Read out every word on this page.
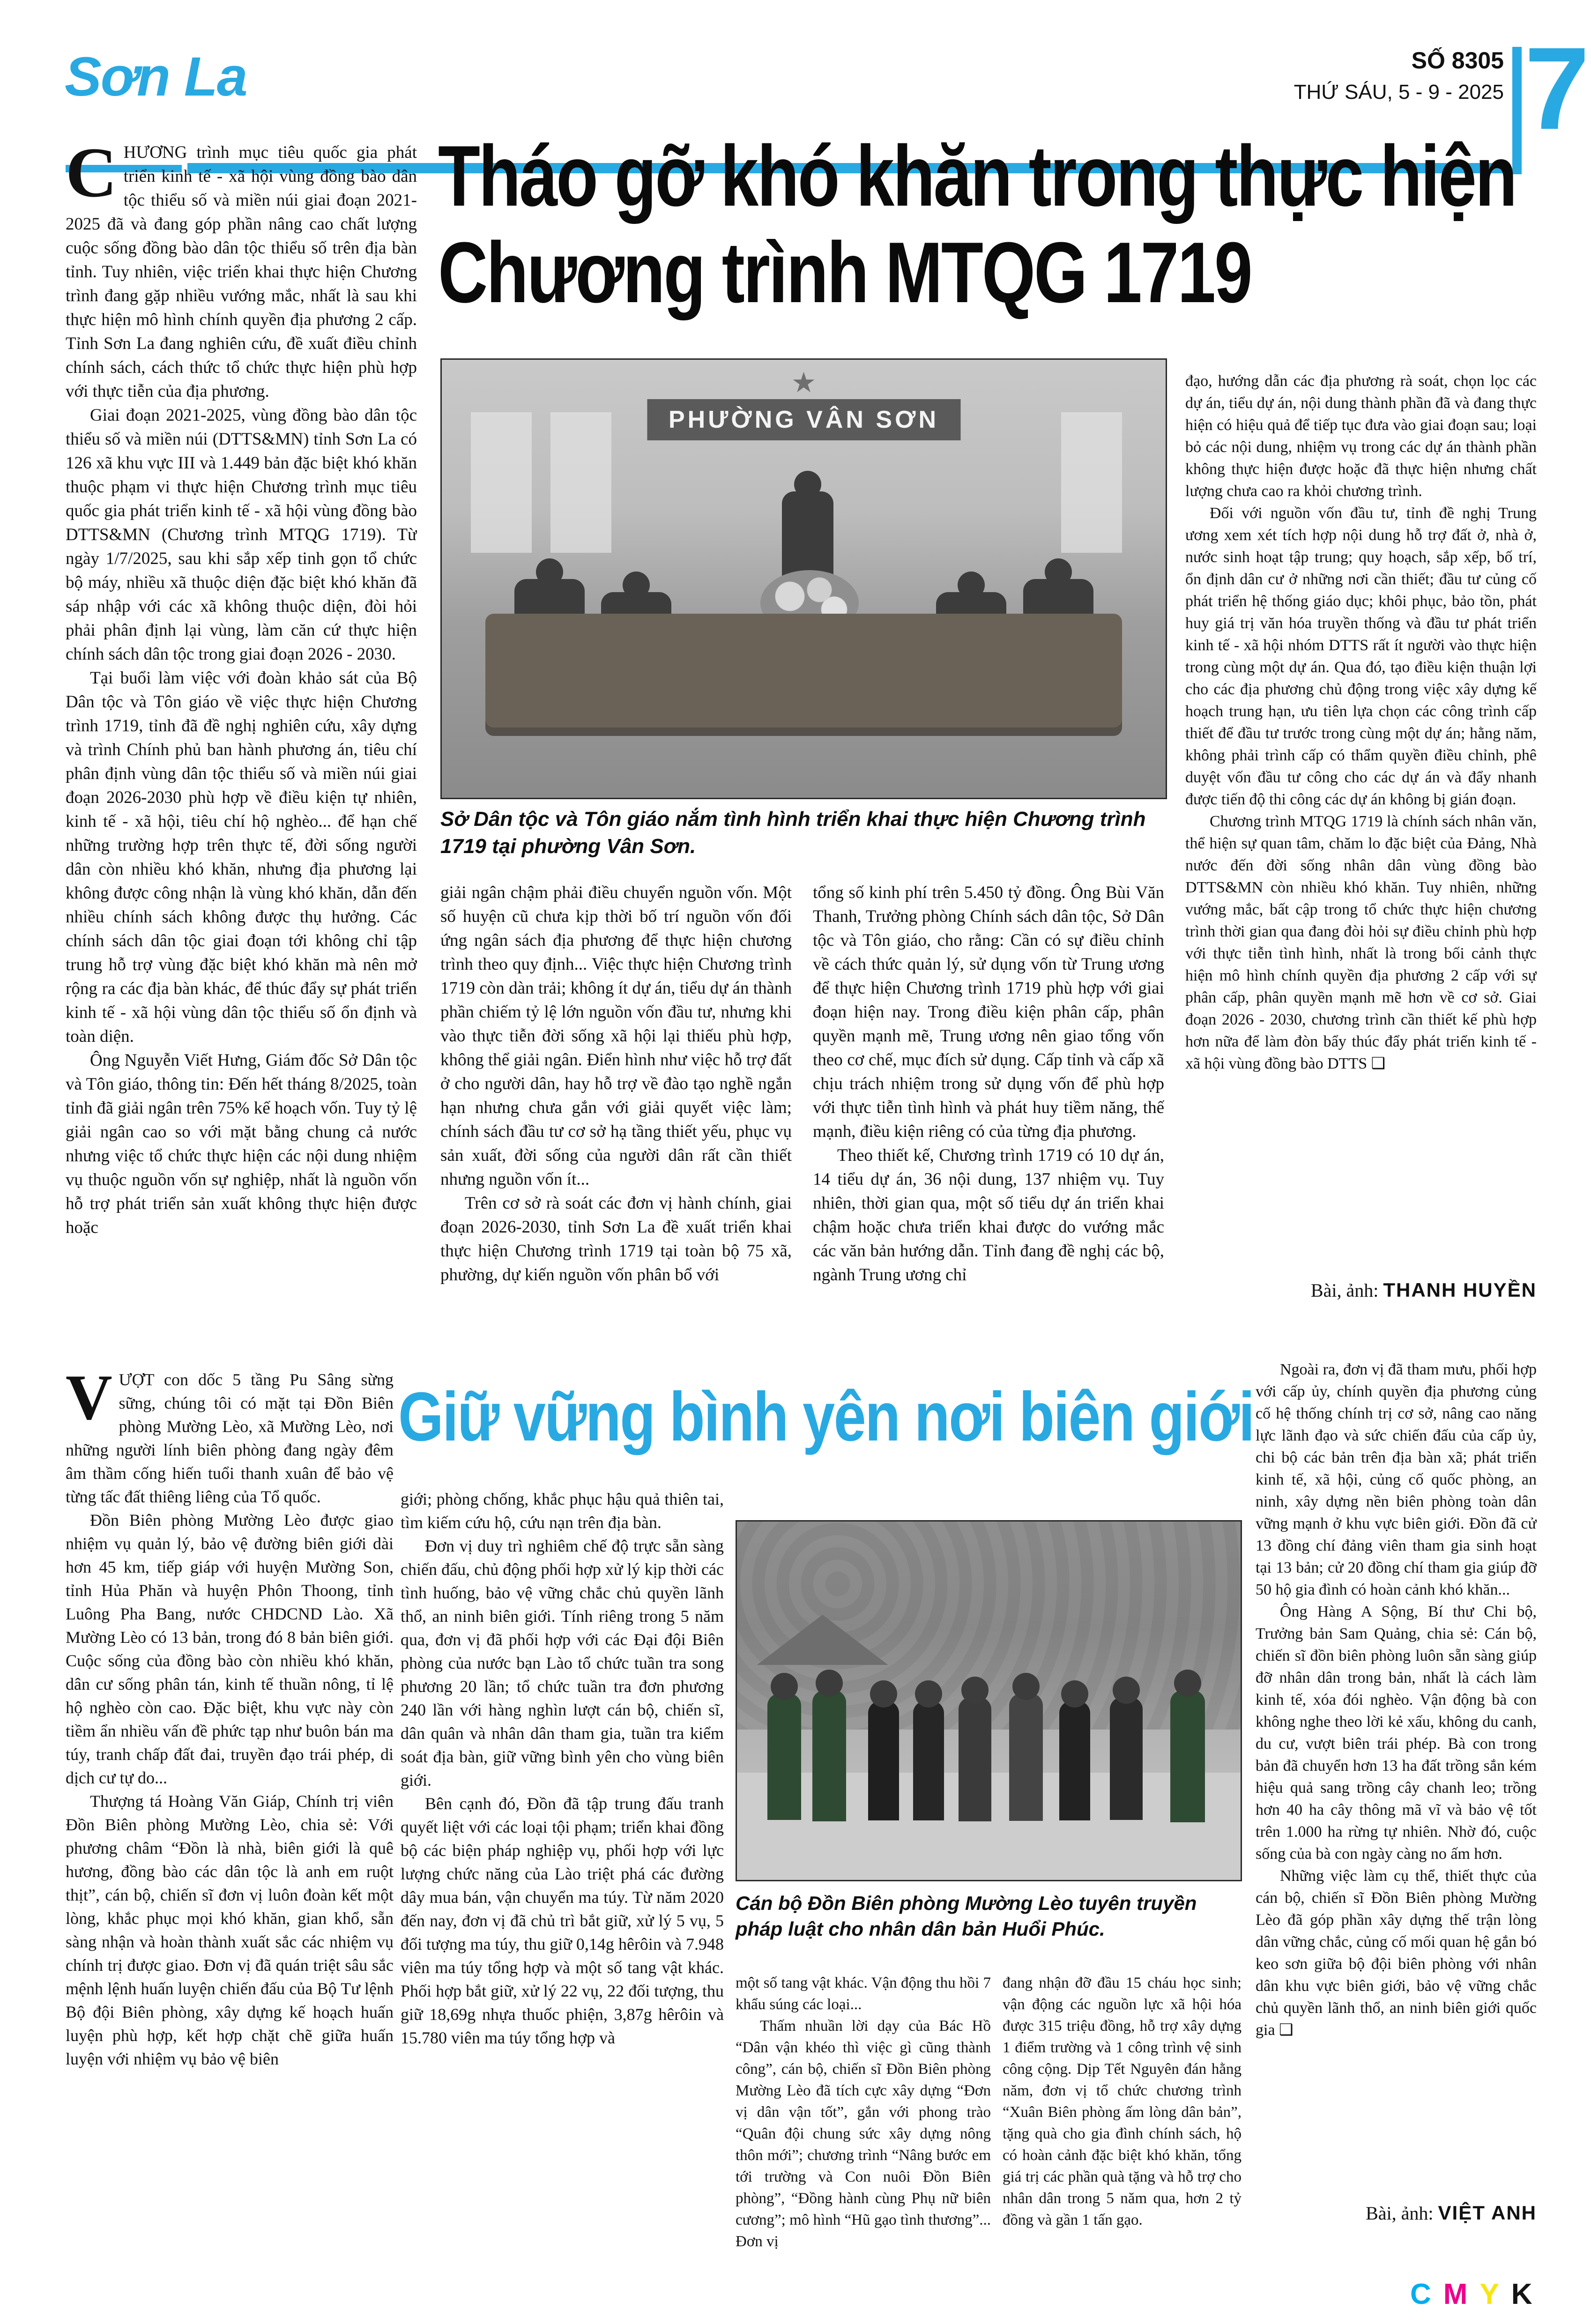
Sơn La	SỐ 8305
THỨ SÁU, 5 - 9 - 2025 7
Tháo gỡ khó khăn trong thực hiện
Chương trình MTQG 1719

CHƯƠNG trình mục tiêu quốc gia phát triển kinh tế - xã hội vùng đồng bào dân tộc thiểu số và miền núi giai đoạn 2021-2025 đã và đang góp phần nâng cao chất lượng cuộc sống đồng bào dân tộc thiểu số trên địa bàn tỉnh. Tuy nhiên, việc triển khai thực hiện Chương trình đang gặp nhiều vướng mắc, nhất là sau khi thực hiện mô hình chính quyền địa phương 2 cấp. Tỉnh Sơn La đang nghiên cứu, đề xuất điều chỉnh chính sách, cách thức tổ chức thực hiện phù hợp với thực tiễn của địa phương.

Giai đoạn 2021-2025, vùng đồng bào dân tộc thiểu số và miền núi (DTTS&MN) tỉnh Sơn La có 126 xã khu vực III và 1.449 bản đặc biệt khó khăn thuộc phạm vi thực hiện Chương trình mục tiêu quốc gia phát triển kinh tế - xã hội vùng đồng bào DTTS&MN (Chương trình MTQG 1719). Từ ngày 1/7/2025, sau khi sắp xếp tinh gọn tổ chức bộ máy, nhiều xã thuộc diện đặc biệt khó khăn đã sáp nhập với các xã không thuộc diện, đòi hỏi phải phân định lại vùng, làm căn cứ thực hiện chính sách dân tộc trong giai đoạn 2026 - 2030.

Tại buổi làm việc với đoàn khảo sát của Bộ Dân tộc và Tôn giáo về việc thực hiện Chương trình 1719, tỉnh đã đề nghị nghiên cứu, xây dựng và trình Chính phủ ban hành phương án, tiêu chí phân định vùng dân tộc thiểu số và miền núi giai đoạn 2026-2030 phù hợp về điều kiện tự nhiên, kinh tế - xã hội, tiêu chí hộ nghèo... để hạn chế những trường hợp trên thực tế, đời sống người dân còn nhiều khó khăn, nhưng địa phương lại không được công nhận là vùng khó khăn, dẫn đến nhiều chính sách không được thụ hưởng. Các chính sách dân tộc giai đoạn tới không chỉ tập trung hỗ trợ vùng đặc biệt khó khăn mà nên mở rộng ra các địa bàn khác, để thúc đẩy sự phát triển kinh tế - xã hội vùng dân tộc thiểu số ổn định và toàn diện.

Ông Nguyễn Viết Hưng, Giám đốc Sở Dân tộc và Tôn giáo, thông tin: Đến hết tháng 8/2025, toàn tỉnh đã giải ngân trên 75% kế hoạch vốn. Tuy tỷ lệ giải ngân cao so với mặt bằng chung cả nước nhưng việc tổ chức thực hiện các nội dung nhiệm vụ thuộc nguồn vốn sự nghiệp, nhất là nguồn vốn hỗ trợ phát triển sản xuất không thực hiện được hoặc

★
PHƯỜNG VÂN SƠN
Sở Dân tộc và Tôn giáo nắm tình hình triển khai thực hiện Chương trình 1719 tại phường Vân Sơn.

giải ngân chậm phải điều chuyển nguồn vốn. Một số huyện cũ chưa kịp thời bố trí nguồn vốn đối ứng ngân sách địa phương để thực hiện chương trình theo quy định... Việc thực hiện Chương trình 1719 còn dàn trải; không ít dự án, tiểu dự án thành phần chiếm tỷ lệ lớn nguồn vốn đầu tư, nhưng khi vào thực tiễn đời sống xã hội lại thiếu phù hợp, không thể giải ngân. Điển hình như việc hỗ trợ đất ở cho người dân, hay hỗ trợ về đào tạo nghề ngắn hạn nhưng chưa gắn với giải quyết việc làm; chính sách đầu tư cơ sở hạ tầng thiết yếu, phục vụ sản xuất, đời sống của người dân rất cần thiết nhưng nguồn vốn ít...

Trên cơ sở rà soát các đơn vị hành chính, giai đoạn 2026-2030, tỉnh Sơn La đề xuất triển khai thực hiện Chương trình 1719 tại toàn bộ 75 xã, phường, dự kiến nguồn vốn phân bổ với

tổng số kinh phí trên 5.450 tỷ đồng. Ông Bùi Văn Thanh, Trưởng phòng Chính sách dân tộc, Sở Dân tộc và Tôn giáo, cho rằng: Cần có sự điều chỉnh về cách thức quản lý, sử dụng vốn từ Trung ương để thực hiện Chương trình 1719 phù hợp với giai đoạn hiện nay. Trong điều kiện phân cấp, phân quyền mạnh mẽ, Trung ương nên giao tổng vốn theo cơ chế, mục đích sử dụng. Cấp tỉnh và cấp xã chịu trách nhiệm trong sử dụng vốn để phù hợp với thực tiễn tình hình và phát huy tiềm năng, thế mạnh, điều kiện riêng có của từng địa phương.

Theo thiết kế, Chương trình 1719 có 10 dự án, 14 tiểu dự án, 36 nội dung, 137 nhiệm vụ. Tuy nhiên, thời gian qua, một số tiểu dự án triển khai chậm hoặc chưa triển khai được do vướng mắc các văn bản hướng dẫn. Tỉnh đang đề nghị các bộ, ngành Trung ương chỉ

đạo, hướng dẫn các địa phương rà soát, chọn lọc các dự án, tiểu dự án, nội dung thành phần đã và đang thực hiện có hiệu quả để tiếp tục đưa vào giai đoạn sau; loại bỏ các nội dung, nhiệm vụ trong các dự án thành phần không thực hiện được hoặc đã thực hiện nhưng chất lượng chưa cao ra khỏi chương trình.

Đối với nguồn vốn đầu tư, tỉnh đề nghị Trung ương xem xét tích hợp nội dung hỗ trợ đất ở, nhà ở, nước sinh hoạt tập trung; quy hoạch, sắp xếp, bố trí, ổn định dân cư ở những nơi cần thiết; đầu tư củng cố phát triển hệ thống giáo dục; khôi phục, bảo tồn, phát huy giá trị văn hóa truyền thống và đầu tư phát triển kinh tế - xã hội nhóm DTTS rất ít người vào thực hiện trong cùng một dự án. Qua đó, tạo điều kiện thuận lợi cho các địa phương chủ động trong việc xây dựng kế hoạch trung hạn, ưu tiên lựa chọn các công trình cấp thiết để đầu tư trước trong cùng một dự án; hằng năm, không phải trình cấp có thẩm quyền điều chỉnh, phê duyệt vốn đầu tư công cho các dự án và đẩy nhanh được tiến độ thi công các dự án không bị gián đoạn.

Chương trình MTQG 1719 là chính sách nhân văn, thể hiện sự quan tâm, chăm lo đặc biệt của Đảng, Nhà nước đến đời sống nhân dân vùng đồng bào DTTS&MN còn nhiều khó khăn. Tuy nhiên, những vướng mắc, bất cập trong tổ chức thực hiện chương trình thời gian qua đang đòi hỏi sự điều chỉnh phù hợp với thực tiễn tình hình, nhất là trong bối cảnh thực hiện mô hình chính quyền địa phương 2 cấp với sự phân cấp, phân quyền mạnh mẽ hơn về cơ sở. Giai đoạn 2026 - 2030, chương trình cần thiết kế phù hợp hơn nữa để làm đòn bẩy thúc đẩy phát triển kinh tế - xã hội vùng đồng bào DTTS ❑

Bài, ảnh: THANH HUYỀN
Giữ vững bình yên nơi biên giới

VƯỢT con dốc 5 tầng Pu Sâng sừng sững, chúng tôi có mặt tại Đồn Biên phòng Mường Lèo, xã Mường Lèo, nơi những người lính biên phòng đang ngày đêm âm thầm cống hiến tuổi thanh xuân để bảo vệ từng tấc đất thiêng liêng của Tổ quốc.

Đồn Biên phòng Mường Lèo được giao nhiệm vụ quản lý, bảo vệ đường biên giới dài hơn 45 km, tiếp giáp với huyện Mường Son, tỉnh Hủa Phăn và huyện Phôn Thoong, tỉnh Luông Pha Bang, nước CHDCND Lào. Xã Mường Lèo có 13 bản, trong đó 8 bản biên giới. Cuộc sống của đồng bào còn nhiều khó khăn, dân cư sống phân tán, kinh tế thuần nông, tỉ lệ hộ nghèo còn cao. Đặc biệt, khu vực này còn tiềm ẩn nhiều vấn đề phức tạp như buôn bán ma túy, tranh chấp đất đai, truyền đạo trái phép, di dịch cư tự do...

Thượng tá Hoàng Văn Giáp, Chính trị viên Đồn Biên phòng Mường Lèo, chia sẻ: Với phương châm “Đồn là nhà, biên giới là quê hương, đồng bào các dân tộc là anh em ruột thịt”, cán bộ, chiến sĩ đơn vị luôn đoàn kết một lòng, khắc phục mọi khó khăn, gian khổ, sẵn sàng nhận và hoàn thành xuất sắc các nhiệm vụ chính trị được giao. Đơn vị đã quán triệt sâu sắc mệnh lệnh huấn luyện chiến đấu của Bộ Tư lệnh Bộ đội Biên phòng, xây dựng kế hoạch huấn luyện phù hợp, kết hợp chặt chẽ giữa huấn luyện với nhiệm vụ bảo vệ biên

giới; phòng chống, khắc phục hậu quả thiên tai, tìm kiếm cứu hộ, cứu nạn trên địa bàn.

Đơn vị duy trì nghiêm chế độ trực sẵn sàng chiến đấu, chủ động phối hợp xử lý kịp thời các tình huống, bảo vệ vững chắc chủ quyền lãnh thổ, an ninh biên giới. Tính riêng trong 5 năm qua, đơn vị đã phối hợp với các Đại đội Biên phòng của nước bạn Lào tổ chức tuần tra song phương 20 lần; tổ chức tuần tra đơn phương 240 lần với hàng nghìn lượt cán bộ, chiến sĩ, dân quân và nhân dân tham gia, tuần tra kiểm soát địa bàn, giữ vững bình yên cho vùng biên giới.

Bên cạnh đó, Đồn đã tập trung đấu tranh quyết liệt với các loại tội phạm; triển khai đồng bộ các biện pháp nghiệp vụ, phối hợp với lực lượng chức năng của Lào triệt phá các đường dây mua bán, vận chuyển ma túy. Từ năm 2020 đến nay, đơn vị đã chủ trì bắt giữ, xử lý 5 vụ, 5 đối tượng ma túy, thu giữ 0,14g hêrôin và 7.948 viên ma túy tổng hợp và một số tang vật khác. Phối hợp bắt giữ, xử lý 22 vụ, 22 đối tượng, thu giữ 18,69g nhựa thuốc phiện, 3,87g hêrôin và 15.780 viên ma túy tổng hợp và

Cán bộ Đồn Biên phòng Mường Lèo tuyên truyền pháp luật cho nhân dân bản Huổi Phúc.

một số tang vật khác. Vận động thu hồi 7 khẩu súng các loại...

Thấm nhuần lời dạy của Bác Hồ “Dân vận khéo thì việc gì cũng thành công”, cán bộ, chiến sĩ Đồn Biên phòng Mường Lèo đã tích cực xây dựng “Đơn vị dân vận tốt”, gắn với phong trào “Quân đội chung sức xây dựng nông thôn mới”; chương trình “Nâng bước em tới trường và Con nuôi Đồn Biên phòng”, “Đồng hành cùng Phụ nữ biên cương”; mô hình “Hũ gạo tình thương”... Đơn vị

đang nhận đỡ đầu 15 cháu học sinh; vận động các nguồn lực xã hội hóa được 315 triệu đồng, hỗ trợ xây dựng 1 điểm trường và 1 công trình vệ sinh công cộng. Dịp Tết Nguyên đán hằng năm, đơn vị tổ chức chương trình “Xuân Biên phòng ấm lòng dân bản”, tặng quà cho gia đình chính sách, hộ có hoàn cảnh đặc biệt khó khăn, tổng giá trị các phần quà tặng và hỗ trợ cho nhân dân trong 5 năm qua, hơn 2 tỷ đồng và gần 1 tấn gạo.

Ngoài ra, đơn vị đã tham mưu, phối hợp với cấp ủy, chính quyền địa phương củng cố hệ thống chính trị cơ sở, nâng cao năng lực lãnh đạo và sức chiến đấu của cấp ủy, chi bộ các bản trên địa bàn xã; phát triển kinh tế, xã hội, củng cố quốc phòng, an ninh, xây dựng nền biên phòng toàn dân vững mạnh ở khu vực biên giới. Đồn đã cử 13 đồng chí đảng viên tham gia sinh hoạt tại 13 bản; cử 20 đồng chí tham gia giúp đỡ 50 hộ gia đình có hoàn cảnh khó khăn...

Ông Hàng A Sộng, Bí thư Chi bộ, Trưởng bản Sam Quảng, chia sẻ: Cán bộ, chiến sĩ đồn biên phòng luôn sẵn sàng giúp đỡ nhân dân trong bản, nhất là cách làm kinh tế, xóa đói nghèo. Vận động bà con không nghe theo lời kẻ xấu, không du canh, du cư, vượt biên trái phép. Bà con trong bản đã chuyển hơn 13 ha đất trồng sắn kém hiệu quả sang trồng cây chanh leo; trồng hơn 40 ha cây thông mã vĩ và bảo vệ tốt trên 1.000 ha rừng tự nhiên. Nhờ đó, cuộc sống của bà con ngày càng no ấm hơn.

Những việc làm cụ thể, thiết thực của cán bộ, chiến sĩ Đồn Biên phòng Mường Lèo đã góp phần xây dựng thế trận lòng dân vững chắc, củng cố mối quan hệ gắn bó keo sơn giữa bộ đội biên phòng với nhân dân khu vực biên giới, bảo vệ vững chắc chủ quyền lãnh thổ, an ninh biên giới quốc gia ❑

Bài, ảnh: VIỆT ANH
CMYK
